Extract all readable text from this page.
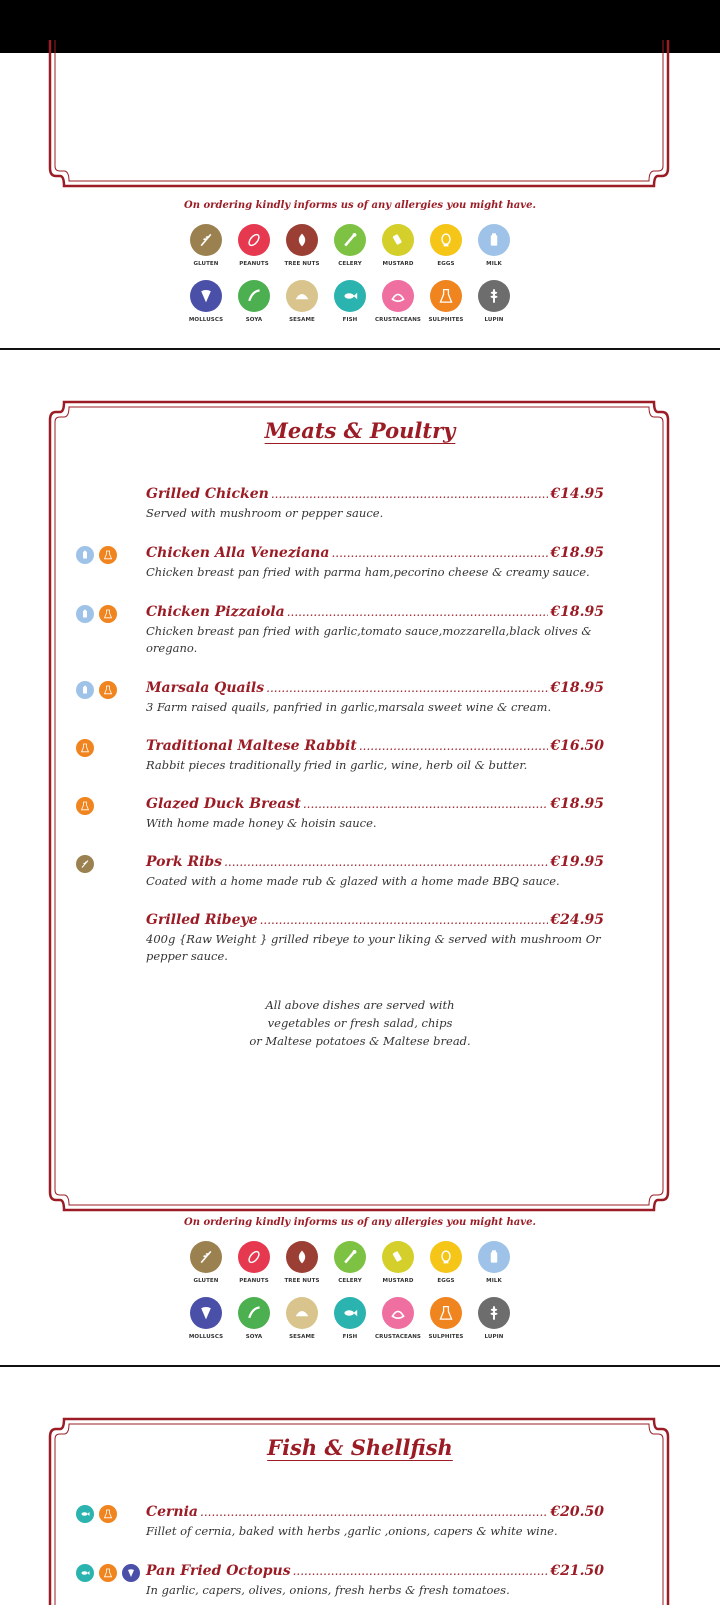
On ordering kindly informs us of any allergies you might have.
GLUTEN	PEANUTS	TREE NUTS	CELERY	MUSTARD	EGGS	MILK
MOLLUSCS	SOYA	SESAME	FISH	CRUSTACEANS	SULPHITES	LUPIN
Meats & Poultry
Grilled Chicken .....	€14.95
Served with mushroom or pepper sauce.
Chicken Alla Veneziana .....	€18.95
Chicken breast pan fried with parma ham,pecorino cheese & creamy sauce.
Chicken Pizzaiola .....	€18.95
Chicken breast pan fried with garlic,tomato sauce,mozzarella,black olives & oregano.
Marsala Quails .....	€18.95
3 Farm raised quails, panfried in garlic,marsala sweet wine & cream.
Traditional Maltese Rabbit .....	€16.50
Rabbit pieces traditionally fried in garlic, wine, herb oil & butter.
Glazed Duck Breast .....	€18.95
With home made honey & hoisin sauce.
Pork Ribs .....	€19.95
Coated with a home made rub & glazed with a home made BBQ sauce.
Grilled Ribeye .....	€24.95
400g {Raw Weight } grilled ribeye to your liking & served with mushroom Or pepper sauce.
All above dishes are served with
vegetables or fresh salad, chips
or Maltese potatoes & Maltese bread.
On ordering kindly informs us of any allergies you might have.
GLUTEN	PEANUTS	TREE NUTS	CELERY	MUSTARD	EGGS	MILK
MOLLUSCS	SOYA	SESAME	FISH	CRUSTACEANS	SULPHITES	LUPIN
Fish & Shellfish
Cernia .....	€20.50
Fillet of cernia, baked with herbs ,garlic ,onions, capers & white wine.
Pan Fried Octopus .....	€21.50
In garlic, capers, olives, onions, fresh herbs & fresh tomatoes.
